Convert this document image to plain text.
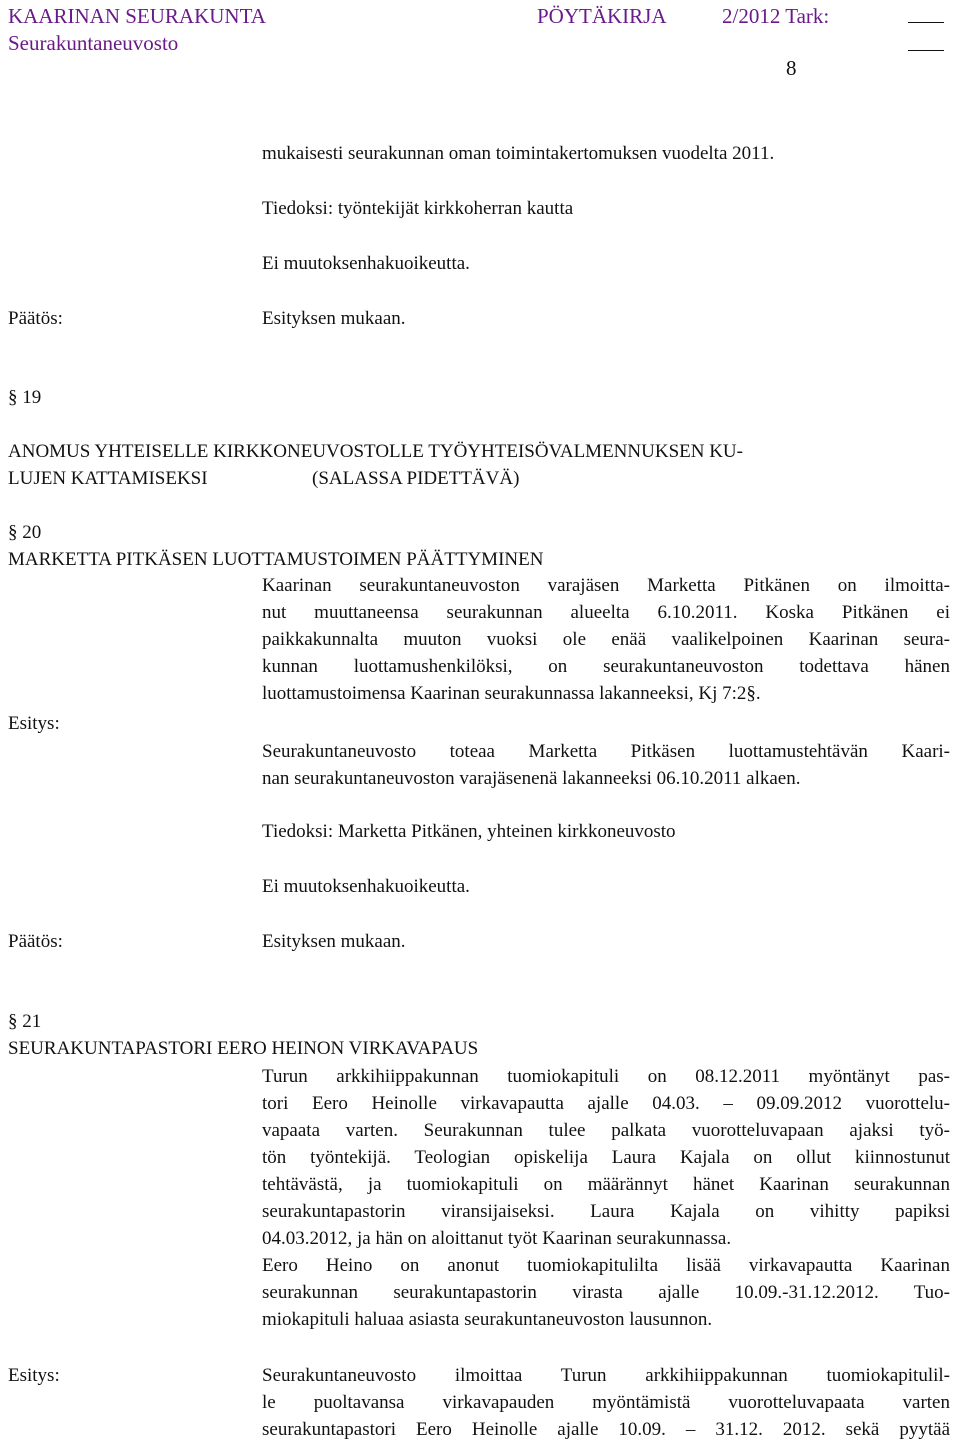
KAARINAN SEURAKUNTA	PÖYTÄKIRJA	2/2012 Tark:
Seurakuntaneuvosto
8
mukaisesti seurakunnan oman toimintakertomuksen vuodelta 2011.
Tiedoksi: työntekijät kirkkoherran kautta
Ei muutoksenhakuoikeutta.
Päätös:	Esityksen mukaan.
§ 19
ANOMUS YHTEISELLE KIRKKONEUVOSTOLLE TYÖYHTEISÖVALMENNUKSEN KU-
LUJEN KATTAMISEKSI	(SALASSA PIDETTÄVÄ)
§ 20
MARKETTA PITKÄSEN LUOTTAMUSTOIMEN PÄÄTTYMINEN
Kaarinan seurakuntaneuvoston varajäsen Marketta Pitkänen on ilmoitta-
nut muuttaneensa seurakunnan alueelta 6.10.2011. Koska Pitkänen ei
paikkakunnalta muuton vuoksi ole enää vaalikelpoinen Kaarinan seura-
kunnan luottamushenkilöksi, on seurakuntaneuvoston todettava hänen
luottamustoimensa Kaarinan seurakunnassa lakanneeksi, Kj 7:2§.
Esitys:
Seurakuntaneuvosto toteaa Marketta Pitkäsen luottamustehtävän Kaari-
nan seurakuntaneuvoston varajäsenenä lakanneeksi 06.10.2011 alkaen.
Tiedoksi: Marketta Pitkänen, yhteinen kirkkoneuvosto
Ei muutoksenhakuoikeutta.
Päätös:	Esityksen mukaan.
§ 21
SEURAKUNTAPASTORI EERO HEINON VIRKAVAPAUS
Turun arkkihiippakunnan tuomiokapituli on 08.12.2011 myöntänyt pas-
tori Eero Heinolle virkavapautta ajalle 04.03. – 09.09.2012 vuorottelu-
vapaata varten. Seurakunnan tulee palkata vuorotteluvapaan ajaksi työ-
tön työntekijä. Teologian opiskelija Laura Kajala on ollut kiinnostunut
tehtävästä, ja tuomiokapituli on määrännyt hänet Kaarinan seurakunnan
seurakuntapastorin viransijaiseksi. Laura Kajala on vihitty papiksi
04.03.2012, ja hän on aloittanut työt Kaarinan seurakunnassa.
Eero Heino on anonut tuomiokapitulilta lisää virkavapautta Kaarinan
seurakunnan seurakuntapastorin virasta ajalle 10.09.-31.12.2012. Tuo-
miokapituli haluaa asiasta seurakuntaneuvoston lausunnon.
Esitys:	Seurakuntaneuvosto ilmoittaa Turun arkkihiippakunnan tuomiokapitulil-
le puoltavansa virkavapauden myöntämistä vuorotteluvapaata varten
seurakuntapastori Eero Heinolle ajalle 10.09. – 31.12. 2012. sekä pyytää
